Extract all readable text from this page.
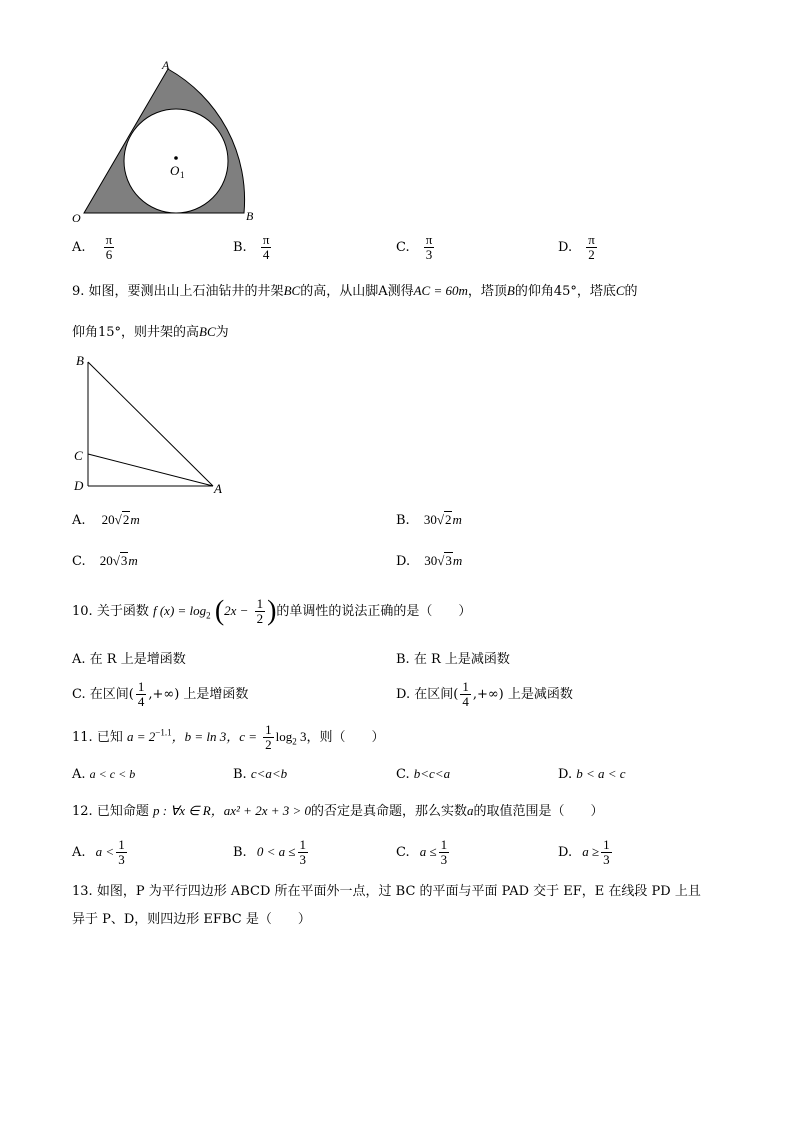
A
O	B
O 1
A. $\frac{\pi}{6}$	B. $\frac{\pi}{4}$	C. $\frac{\pi}{3}$	D. $\frac{\pi}{2}$
9. 如图，要测出山上石油钻井的井架BC的高，从山脚A测得AC = 60m，塔顶B的仰角45°，塔底C的
仰角15°，则井架的高BC为
B
C
D	A
A. 20√2m	B. 30√2m
C. 20√3m	D. 30√3m
10. 关于函数 f $(x) = \log_2 (2x - \frac{1}{2}$ )的单调性的说法正确的是（　　）
A. 在 R 上是增函数	B. 在 R 上是减函数
C. 在区间( $\frac{1}{4}$ ,+∞) 上是增函数	D. 在区间( $\frac{1}{4}$ ,+∞) 上是减函数
11. 已知 $a = 2^{-1.1}$，b = ln 3，$c = \frac{1}{2} \log_2 3$，则（　　）
A. a < c < b	B. c<a<b	C. b<c<a	D. b < a < c
12. 已知命题 p : ∀x ∈ R，ax² + 2x + 3 > 0的否定是真命题，那么实数a的取值范围是（　　）
A. $a < \frac{1}{3}$	B. $0 < a \le \frac{1}{3}$	C. $a \le \frac{1}{3}$	D. $a \ge \frac{1}{3}$
13. 如图，P 为平行四边形 ABCD 所在平面外一点，过 BC 的平面与平面 PAD 交于 EF，E 在线段 PD 上且
异于 P、D，则四边形 EFBC 是（　　）
